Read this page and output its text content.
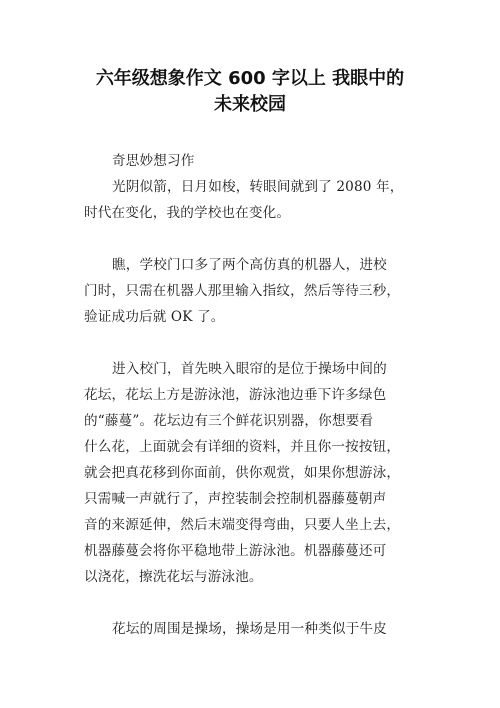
六年级想象作文 600 字以上 我眼中的
未来校园

奇思妙想习作

光阴似箭，日月如梭，转眼间就到了 2080 年，
时代在变化，我的学校也在变化。

瞧，学校门口多了两个高仿真的机器人，进校
门时，只需在机器人那里输入指纹，然后等待三秒，
验证成功后就 OK 了。

进入校门，首先映入眼帘的是位于操场中间的
花坛，花坛上方是游泳池，游泳池边垂下许多绿色
的“藤蔓”。花坛边有三个鲜花识别器，你想要看
什么花，上面就会有详细的资料，并且你一按按钮，
就会把真花移到你面前，供你观赏，如果你想游泳，
只需喊一声就行了，声控装制会控制机器藤蔓朝声
音的来源延伸，然后末端变得弯曲，只要人坐上去，
机器藤蔓会将你平稳地带上游泳池。机器藤蔓还可
以浇花，擦洗花坛与游泳池。

花坛的周围是操场，操场是用一种类似于牛皮
